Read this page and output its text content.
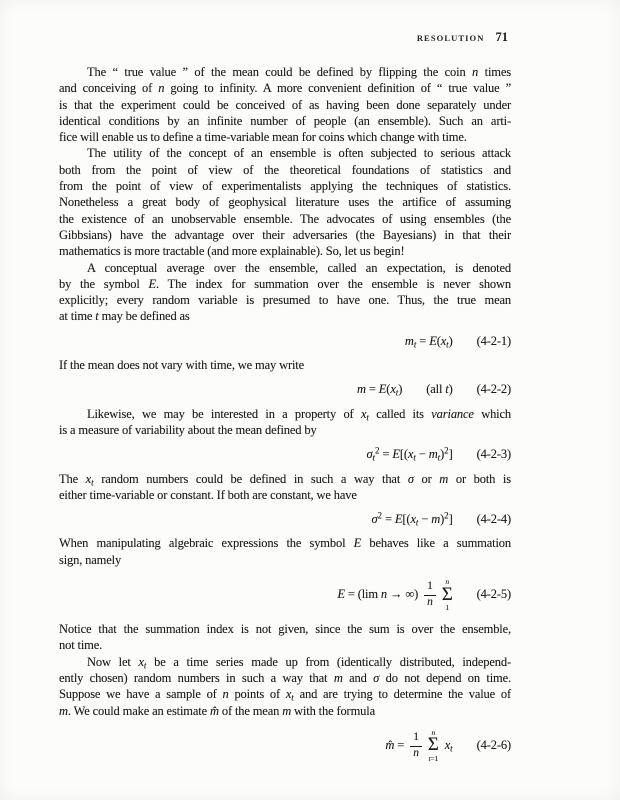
RESOLUTION 71
The “ true value ” of the mean could be defined by flipping the coin n times
and conceiving of n going to infinity. A more convenient definition of “ true value ”
is that the experiment could be conceived of as having been done separately under
identical conditions by an infinite number of people (an ensemble). Such an arti-
fice will enable us to define a time-variable mean for coins which change with time.
The utility of the concept of an ensemble is often subjected to serious attack
both from the point of view of the theoretical foundations of statistics and
from the point of view of experimentalists applying the techniques of statistics.
Nonetheless a great body of geophysical literature uses the artifice of assuming
the existence of an unobservable ensemble. The advocates of using ensembles (the
Gibbsians) have the advantage over their adversaries (the Bayesians) in that their
mathematics is more tractable (and more explainable). So, let us begin!
A conceptual average over the ensemble, called an expectation, is denoted
by the symbol E. The index for summation over the ensemble is never shown
explicitly; every random variable is presumed to have one. Thus, the true mean
at time t may be defined as
$m_t = E(x_t)$ (4-2-1)
If the mean does not vary with time, we may write
$m = E(x_t)$ (all t) (4-2-2)
Likewise, we may be interested in a property of $x_t$ called its variance which
is a measure of variability about the mean defined by
$\sigma_t^2 = E[(x_t - m_t)^2]$ (4-2-3)
The $x_t$ random numbers could be defined in such a way that σ or m or both is
either time-variable or constant. If both are constant, we have
$\sigma^2 = E[(x_t - m)^2]$ (4-2-4)
When manipulating algebraic expressions the symbol E behaves like a summation
sign, namely
E = (lim n → ∞) $\frac{1}{n}$ n
Σ
1
(4-2-5)
Notice that the summation index is not given, since the sum is over the ensemble,
not time.
Now let $x_t$ be a time series made up from (identically distributed, independ-
ently chosen) random numbers in such a way that m and σ do not depend on time.
Suppose we have a sample of n points of $x_t$ and are trying to determine the value of
m. We could make an estimate m̂ of the mean m with the formula
m̂ = $\frac{1}{n}$ n
Σ
t=1
$x_t$ (4-2-6)
